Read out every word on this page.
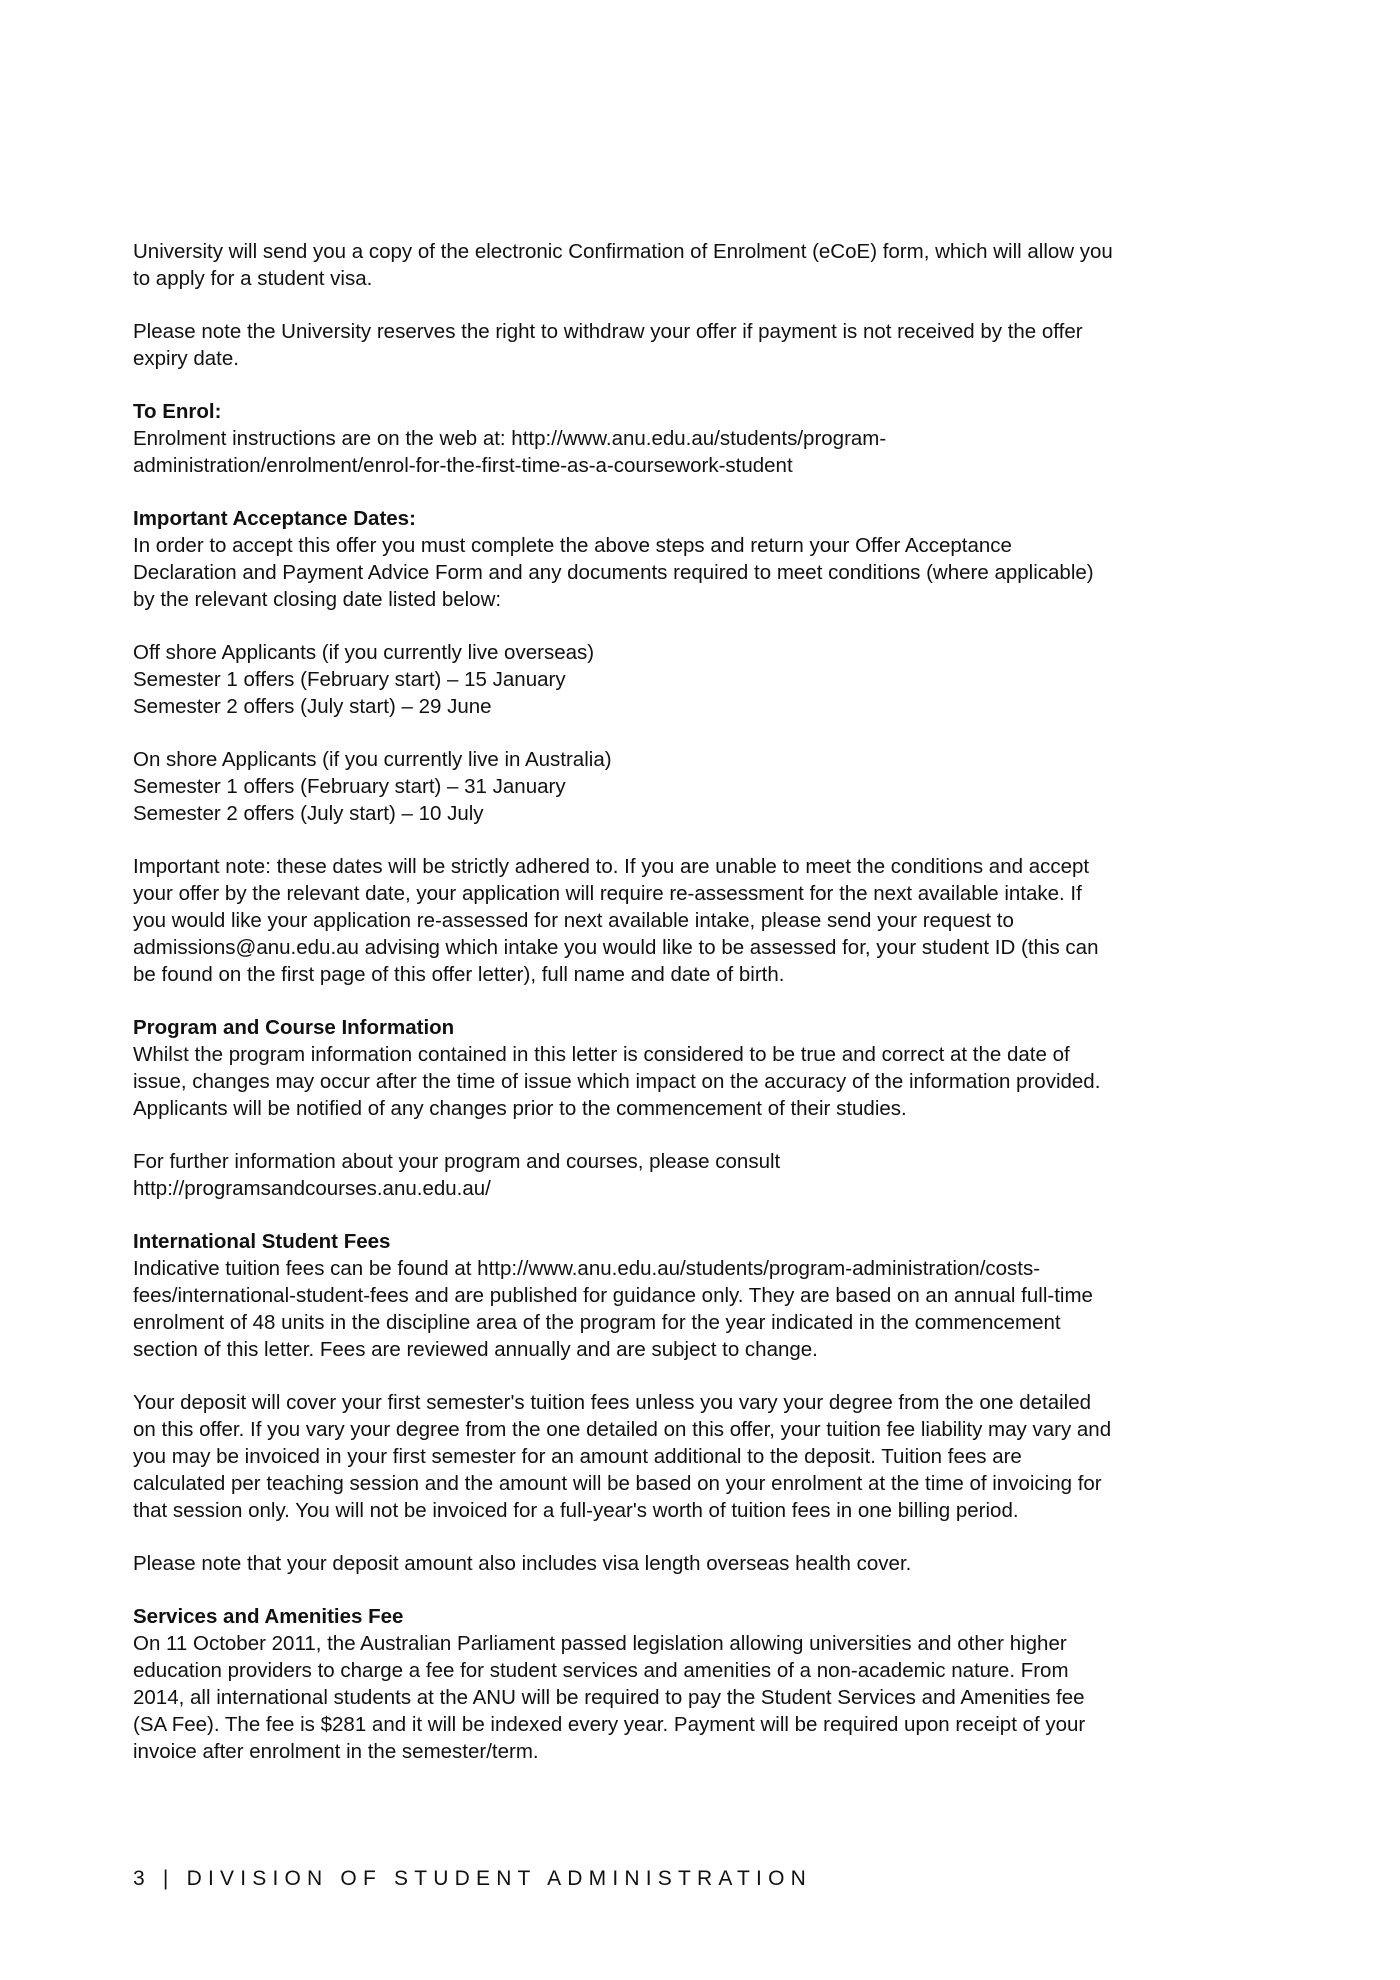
University will send you a copy of the electronic Confirmation of Enrolment (eCoE) form, which will allow you
to apply for a student visa.

Please note the University reserves the right to withdraw your offer if payment is not received by the offer
expiry date.

To Enrol:

Enrolment instructions are on the web at: http://www.anu.edu.au/students/program-
administration/enrolment/enrol-for-the-first-time-as-a-coursework-student

Important Acceptance Dates:

In order to accept this offer you must complete the above steps and return your Offer Acceptance
Declaration and Payment Advice Form and any documents required to meet conditions (where applicable)
by the relevant closing date listed below:

Off shore Applicants (if you currently live overseas)
Semester 1 offers (February start) – 15 January
Semester 2 offers (July start) – 29 June

On shore Applicants (if you currently live in Australia)
Semester 1 offers (February start) – 31 January
Semester 2 offers (July start) – 10 July

Important note: these dates will be strictly adhered to. If you are unable to meet the conditions and accept
your offer by the relevant date, your application will require re-assessment for the next available intake. If
you would like your application re-assessed for next available intake, please send your request to
admissions@anu.edu.au advising which intake you would like to be assessed for, your student ID (this can
be found on the first page of this offer letter), full name and date of birth.

Program and Course Information

Whilst the program information contained in this letter is considered to be true and correct at the date of
issue, changes may occur after the time of issue which impact on the accuracy of the information provided.
Applicants will be notified of any changes prior to the commencement of their studies.

For further information about your program and courses, please consult
http://programsandcourses.anu.edu.au/

International Student Fees

Indicative tuition fees can be found at http://www.anu.edu.au/students/program-administration/costs-
fees/international-student-fees and are published for guidance only. They are based on an annual full-time
enrolment of 48 units in the discipline area of the program for the year indicated in the commencement
section of this letter. Fees are reviewed annually and are subject to change.

Your deposit will cover your first semester's tuition fees unless you vary your degree from the one detailed
on this offer. If you vary your degree from the one detailed on this offer, your tuition fee liability may vary and
you may be invoiced in your first semester for an amount additional to the deposit. Tuition fees are
calculated per teaching session and the amount will be based on your enrolment at the time of invoicing for
that session only. You will not be invoiced for a full-year's worth of tuition fees in one billing period.

Please note that your deposit amount also includes visa length overseas health cover.

Services and Amenities Fee

On 11 October 2011, the Australian Parliament passed legislation allowing universities and other higher
education providers to charge a fee for student services and amenities of a non-academic nature. From
2014, all international students at the ANU will be required to pay the Student Services and Amenities fee
(SA Fee). The fee is $281 and it will be indexed every year. Payment will be required upon receipt of your
invoice after enrolment in the semester/term.

3 | DIVISION OF STUDENT ADMINISTRATION
